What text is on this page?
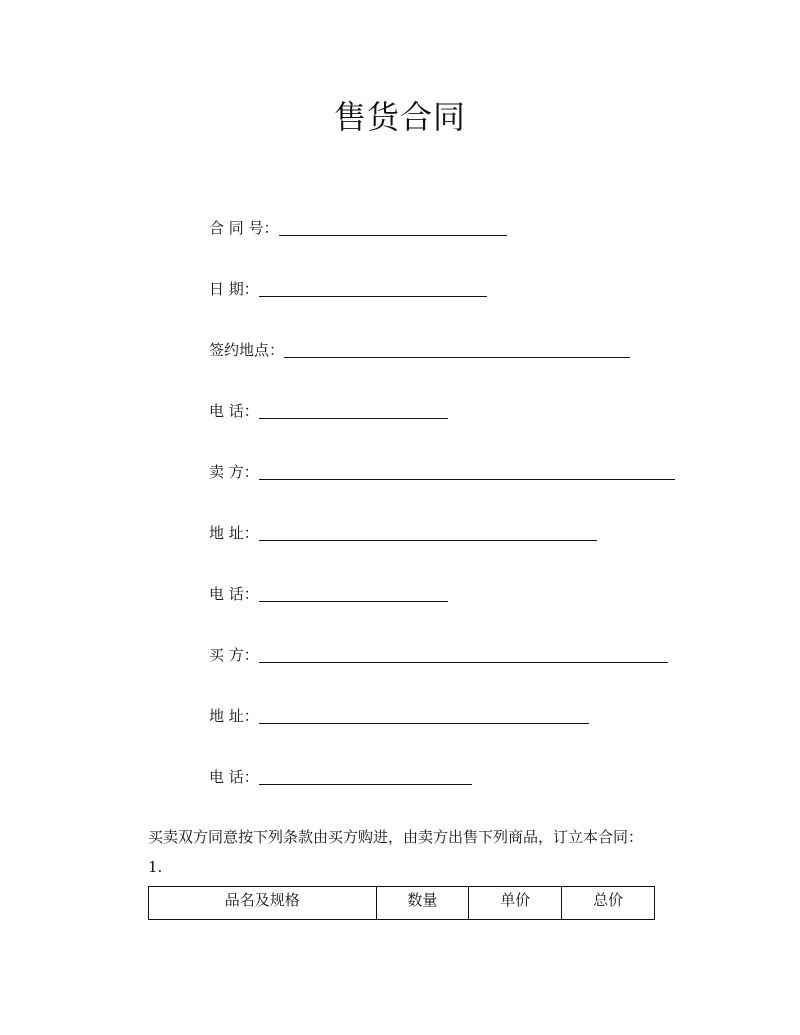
售货合同
合 同 号：
日 期：
签约地点：
电 话：
卖 方：
地 址：
电 话：
买 方：
地 址：
电 话：
买卖双方同意按下列条款由买方购进，由卖方出售下列商品，订立本合同：
1.
品名及规格	数量	单价	总价
